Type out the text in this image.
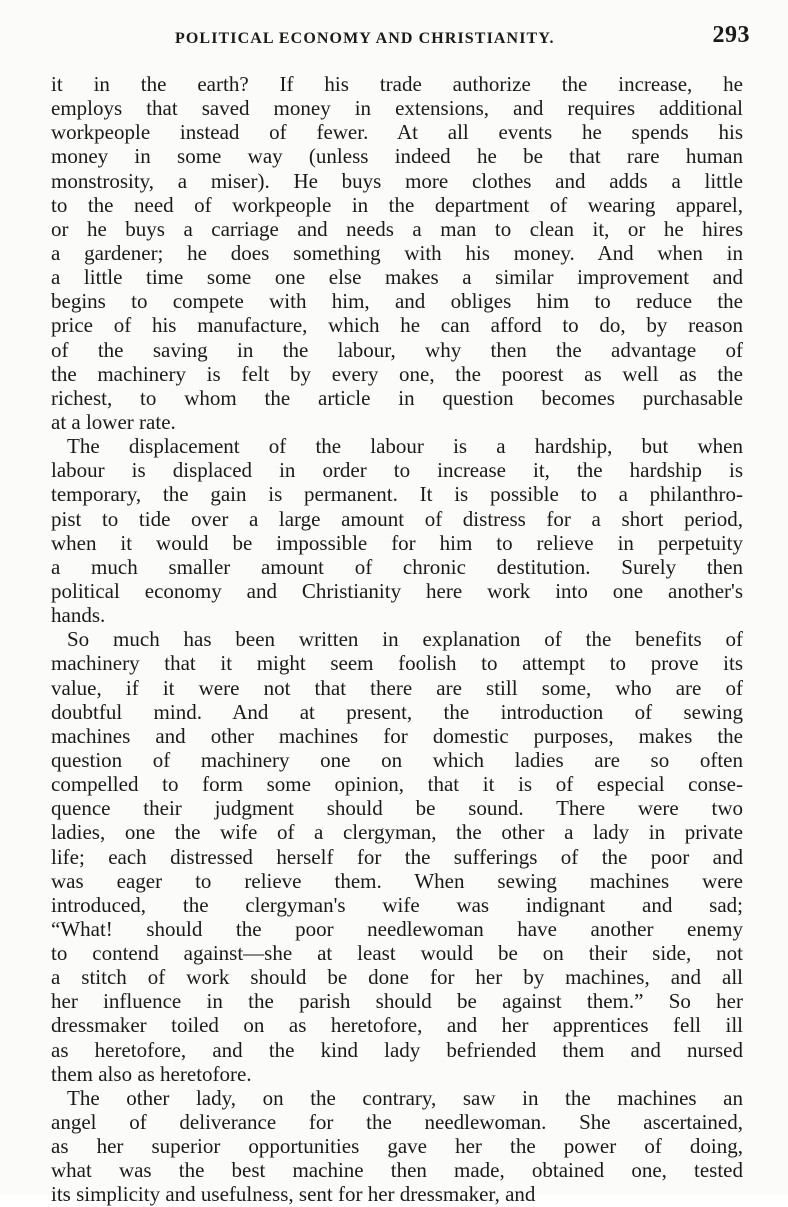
POLITICAL ECONOMY AND CHRISTIANITY.	293
it in the earth? If his trade authorize the increase, he
employs that saved money in extensions, and requires additional
workpeople instead of fewer. At all events he spends his
money in some way (unless indeed he be that rare human
monstrosity, a miser). He buys more clothes and adds a little
to the need of workpeople in the department of wearing apparel,
or he buys a carriage and needs a man to clean it, or he hires
a gardener; he does something with his money. And when in
a little time some one else makes a similar improvement and
begins to compete with him, and obliges him to reduce the
price of his manufacture, which he can afford to do, by reason
of the saving in the labour, why then the advantage of
the machinery is felt by every one, the poorest as well as the
richest, to whom the article in question becomes purchasable
at a lower rate.
The displacement of the labour is a hardship, but when
labour is displaced in order to increase it, the hardship is
temporary, the gain is permanent. It is possible to a philanthro-
pist to tide over a large amount of distress for a short period,
when it would be impossible for him to relieve in perpetuity
a much smaller amount of chronic destitution. Surely then
political economy and Christianity here work into one another's
hands.
So much has been written in explanation of the benefits of
machinery that it might seem foolish to attempt to prove its
value, if it were not that there are still some, who are of
doubtful mind. And at present, the introduction of sewing
machines and other machines for domestic purposes, makes the
question of machinery one on which ladies are so often
compelled to form some opinion, that it is of especial conse-
quence their judgment should be sound. There were two
ladies, one the wife of a clergyman, the other a lady in private
life; each distressed herself for the sufferings of the poor and
was eager to relieve them. When sewing machines were
introduced, the clergyman's wife was indignant and sad;
“What! should the poor needlewoman have another enemy
to contend against—she at least would be on their side, not
a stitch of work should be done for her by machines, and all
her influence in the parish should be against them.” So her
dressmaker toiled on as heretofore, and her apprentices fell ill
as heretofore, and the kind lady befriended them and nursed
them also as heretofore.
The other lady, on the contrary, saw in the machines an
angel of deliverance for the needlewoman. She ascertained,
as her superior opportunities gave her the power of doing,
what was the best machine then made, obtained one, tested
its simplicity and usefulness, sent for her dressmaker, and
